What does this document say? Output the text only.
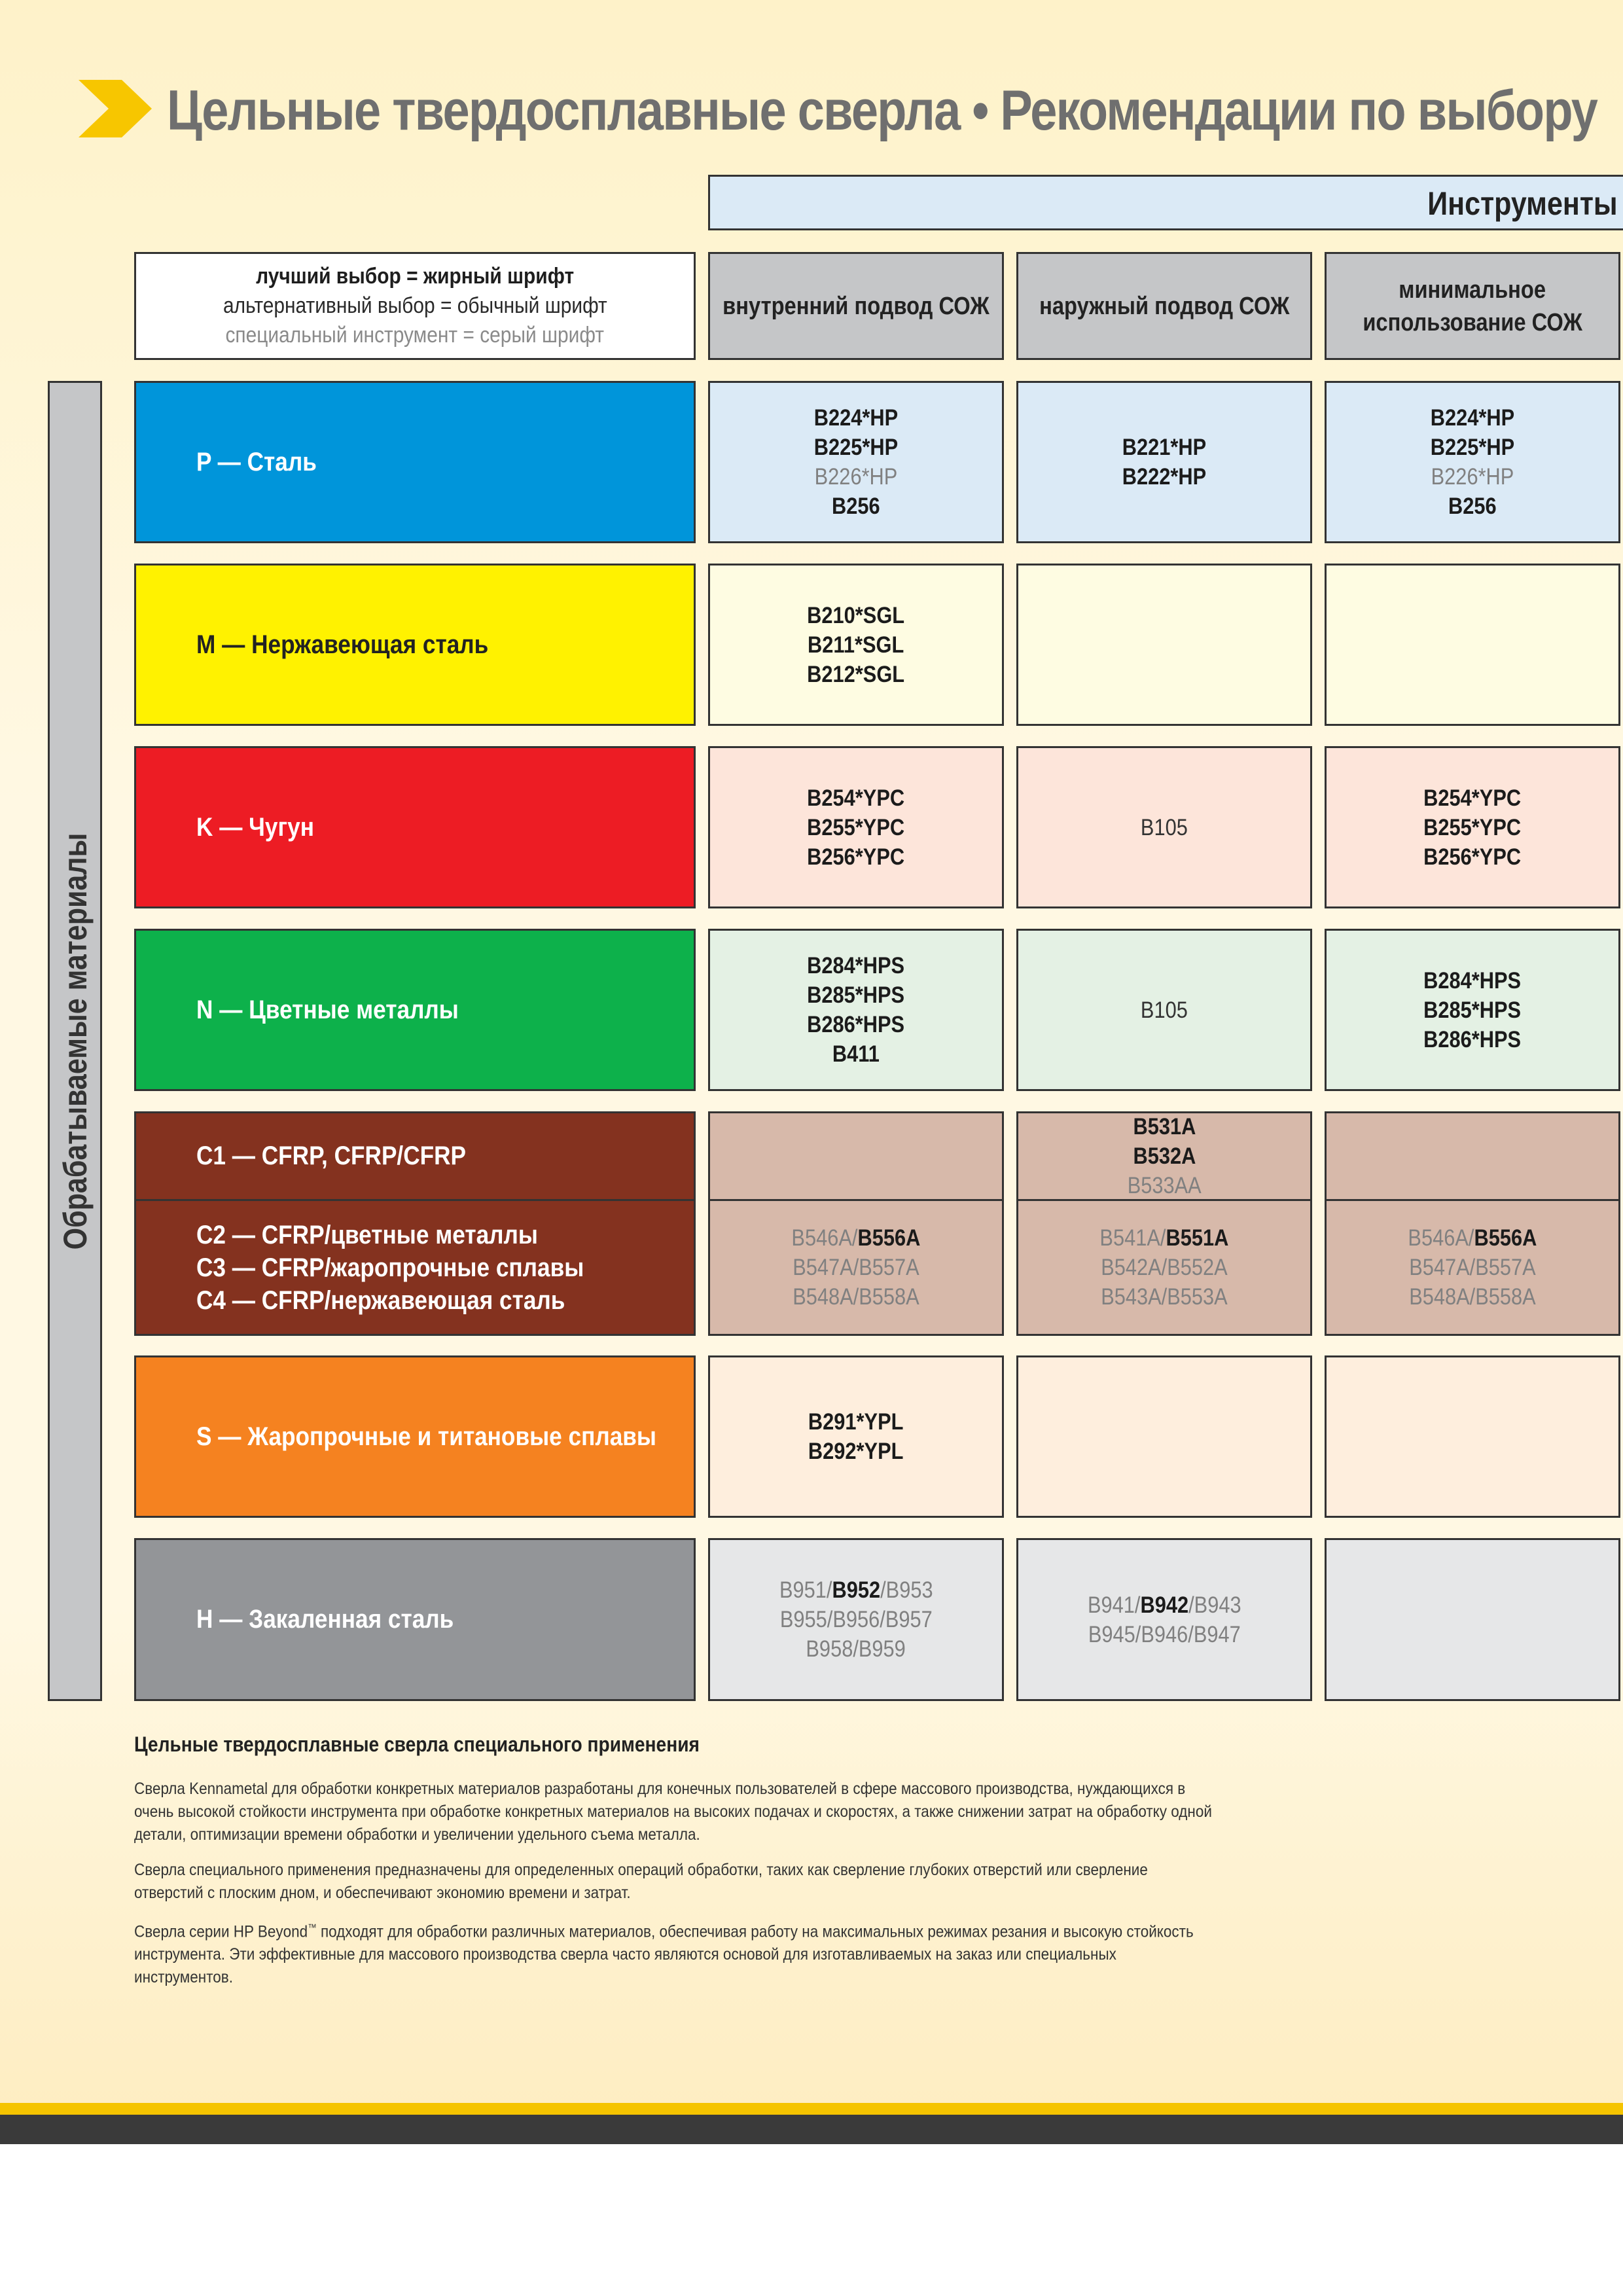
Цельные твердосплавные сверла • Рекомендации по выбору
Инструменты
лучший выбор = жирный шрифт
альтернативный выбор = обычный шрифт
специальный инструмент = серый шрифт
внутренний подвод СОЖ наружный подвод СОЖ
минимальное
использование СОЖ
Обрабатываемые материалы
P — Сталь
B224*HP
B225*HP
B226*HP
B256
B221*HP
B222*HP
B224*HP
B225*HP
B226*HP
B256
M — Нержавеющая сталь
B210*SGL
B211*SGL
B212*SGL
K — Чугун
B254*YPC
B255*YPC
B256*YPC
B105
B254*YPC
B255*YPC
B256*YPC
N — Цветные металлы
B284*HPS
B285*HPS
B286*HPS
B411
B105
B284*HPS
B285*HPS
B286*HPS
C1 — CFRP, CFRP/CFRP
B531A
B532A
B533AA
C2 — CFRP/цветные металлы
C3 — CFRP/жаропрочные сплавы
C4 — CFRP/нержавеющая сталь
B546A/B556A
B547A/B557A
B548A/B558A
B541A/B551A
B542A/B552A
B543A/B553A
B546A/B556A
B547A/B557A
B548A/B558A
S — Жаропрочные и титановые сплавы	B291*YPL
B292*YPL
H — Закаленная сталь
B951/B952/B953
B955/B956/B957
B958/B959
B941/B942/B943
B945/B946/B947
Цельные твердосплавные сверла специального применения
Сверла Kennametal для обработки конкретных материалов разработаны для конечных пользователей в сфере массового производства, нуждающихся в очень высокой стойкости инструмента при обработке конкретных материалов на высоких подачах и скоростях, а также снижении затрат на обработку одной детали, оптимизации времени обработки и увеличении удельного съема металла.
Сверла специального применения предназначены для определенных операций обработки, таких как сверление глубоких отверстий или сверление отверстий с плоским дном, и обеспечивают экономию времени и затрат.
Сверла серии HP Beyond™ подходят для обработки различных материалов, обеспечивая работу на максимальных режимах резания и высокую стойкость инструмента. Эти эффективные для массового производства сверла часто являются основой для изготавливаемых на заказ или специальных инструментов.
